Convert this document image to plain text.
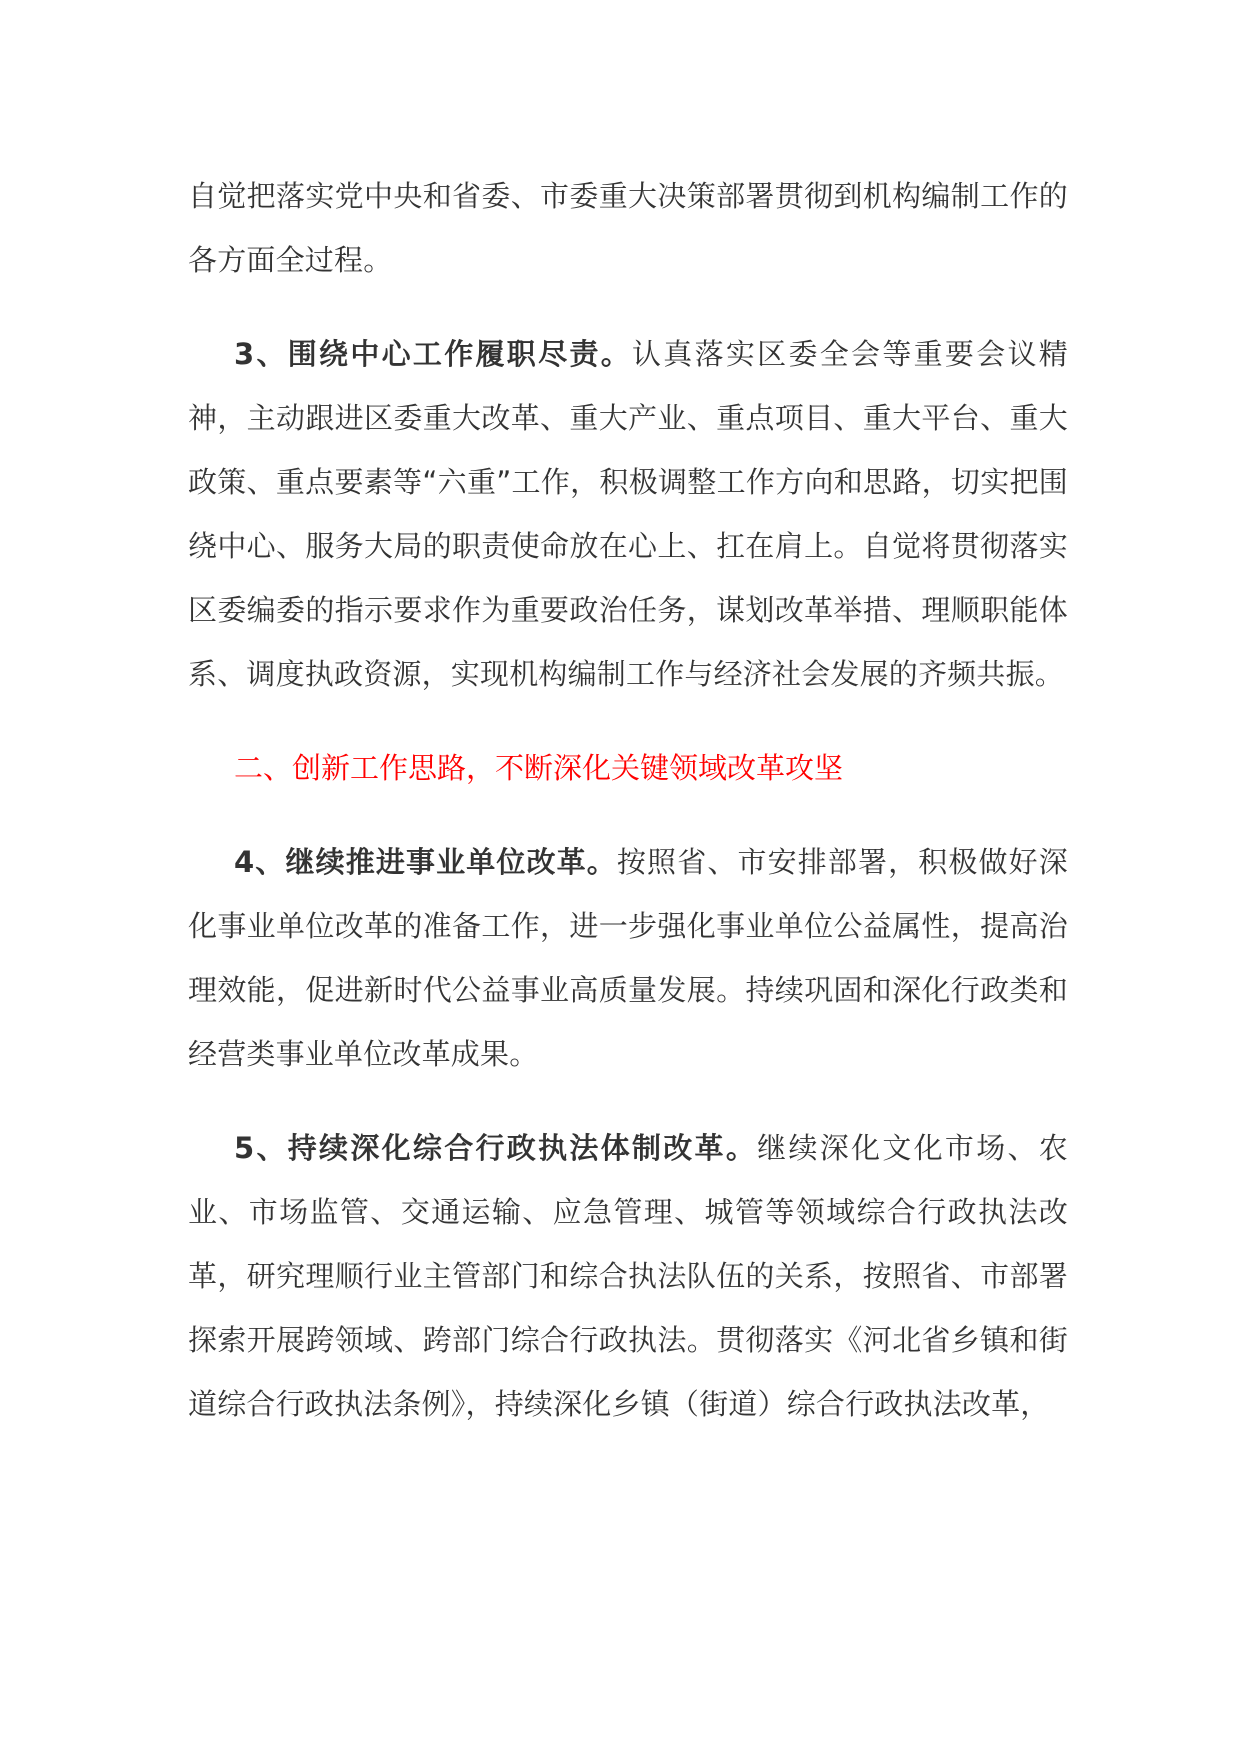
自觉把落实党中央和省委、市委重大决策部署贯彻到机构编制工作的各方面全过程。

3、围绕中心工作履职尽责。认真落实区委全会等重要会议精神，主动跟进区委重大改革、重大产业、重点项目、重大平台、重大政策、重点要素等“六重”工作，积极调整工作方向和思路，切实把围绕中心、服务大局的职责使命放在心上、扛在肩上。自觉将贯彻落实区委编委的指示要求作为重要政治任务，谋划改革举措、理顺职能体系、调度执政资源，实现机构编制工作与经济社会发展的齐频共振。

二、创新工作思路，不断深化关键领域改革攻坚

4、继续推进事业单位改革。按照省、市安排部署，积极做好深化事业单位改革的准备工作，进一步强化事业单位公益属性，提高治理效能，促进新时代公益事业高质量发展。持续巩固和深化行政类和经营类事业单位改革成果。

5、持续深化综合行政执法体制改革。继续深化文化市场、农业、市场监管、交通运输、应急管理、城管等领域综合行政执法改革，研究理顺行业主管部门和综合执法队伍的关系，按照省、市部署探索开展跨领域、跨部门综合行政执法。贯彻落实《河北省乡镇和街道综合行政执法条例》，持续深化乡镇（街道）综合行政执法改革，
